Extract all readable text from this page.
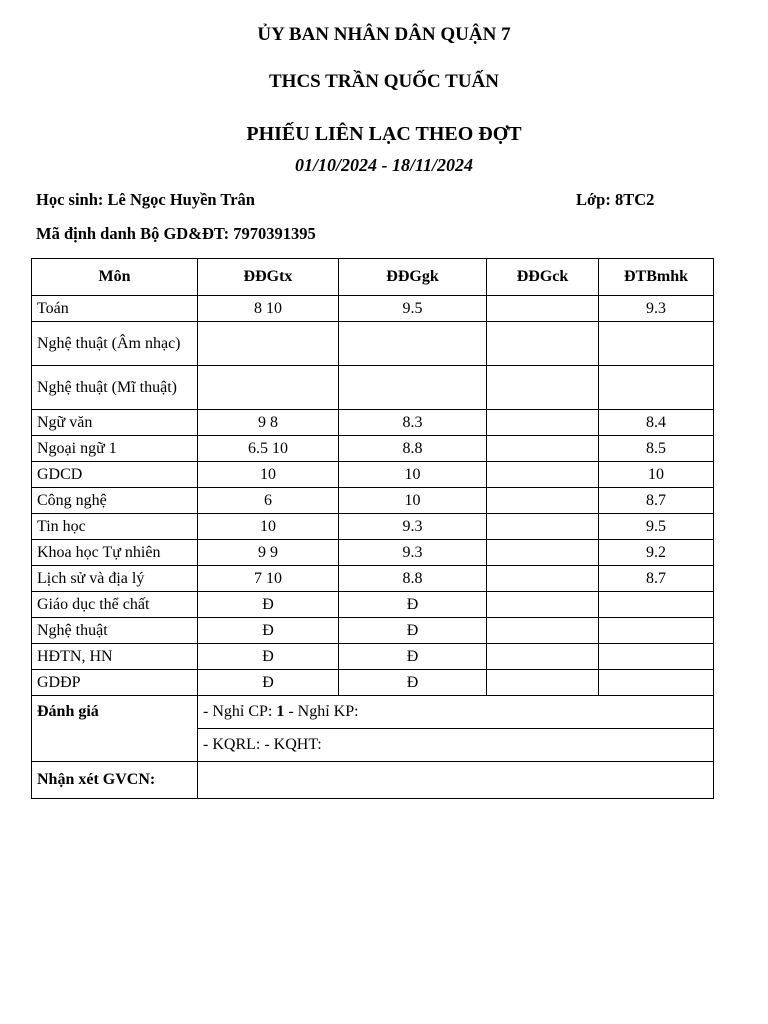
ỦY BAN NHÂN DÂN QUẬN 7
THCS TRẦN QUỐC TUẤN
PHIẾU LIÊN LẠC THEO ĐỢT
01/10/2024 - 18/11/2024
Học sinh: Lê Ngọc Huyền Trân	Lớp: 8TC2
Mã định danh Bộ GD&ĐT: 7970391395
Môn	ĐĐGtx	ĐĐGgk	ĐĐGck	ĐTBmhk
Toán	8 10	9.5		9.3
Nghệ thuật (Âm nhạc)				
Nghệ thuật (Mĩ thuật)				
Ngữ văn	9 8	8.3		8.4
Ngoại ngữ 1	6.5 10	8.8		8.5
GDCD	10	10		10
Công nghệ	6	10		8.7
Tin học	10	9.3		9.5
Khoa học Tự nhiên	9 9	9.3		9.2
Lịch sử và địa lý	7 10	8.8		8.7
Giáo dục thể chất	Đ	Đ		
Nghệ thuật	Đ	Đ		
HĐTN, HN	Đ	Đ		
GDĐP	Đ	Đ		
Đánh giá	- Nghỉ CP: 1 - Nghỉ KP:			
	- KQRL: - KQHT:			
Nhận xét GVCN:				
